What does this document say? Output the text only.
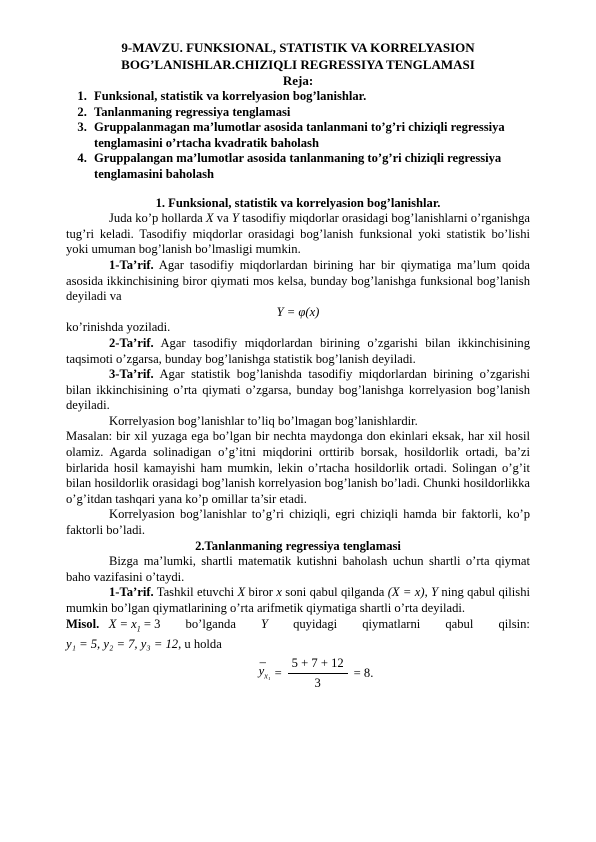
9-MAVZU. FUNKSIONAL, STATISTIK VA KORRELYASION
BOG’LANISHLAR.CHIZIQLI REGRESSIYA TENGLAMASI
Reja:
1. Funksional, statistik va korrelyasion bog’lanishlar.
2. Tanlanmaning regressiya tenglamasi
3. Gruppalanmagan ma’lumotlar asosida tanlanmani to’g’ri chiziqli regressiya tenglamasini o’rtacha kvadratik baholash
4. Gruppalangan ma’lumotlar asosida tanlanmaning to’g’ri chiziqli regressiya tenglamasini baholash
1. Funksional, statistik va korrelyasion bog’lanishlar.

Juda ko’p hollarda X va Y tasodifiy miqdorlar orasidagi bog’lanishlarni o’rganishga tug’ri keladi. Tasodifiy miqdorlar orasidagi bog’lanish funksional yoki statistik bo’lishi yoki umuman bog’lanish bo’lmasligi mumkin.

1-Ta’rif. Agar tasodifiy miqdorlardan birining har bir qiymatiga ma’lum qoida asosida ikkinchisining biror qiymati mos kelsa, bunday bog’lanishga funksional bog’lanish deyiladi va

Y = φ(x)

ko’rinishda yoziladi.

2-Ta’rif. Agar tasodifiy miqdorlardan birining o’zgarishi bilan ikkinchisining taqsimoti o’zgarsa, bunday bog’lanishga statistik bog’lanish deyiladi.

3-Ta’rif. Agar statistik bog’lanishda tasodifiy miqdorlardan birining o’zgarishi bilan ikkinchisining o’rta qiymati o’zgarsa, bunday bog’lanishga korrelyasion bog’lanish deyiladi.

Korrelyasion bog’lanishlar to’liq bo’lmagan bog’lanishlardir.

Masalan: bir xil yuzaga ega bo’lgan bir nechta maydonga don ekinlari eksak, har xil hosil olamiz. Agarda solinadigan o’g’itni miqdorini orttirib borsak, hosildorlik ortadi, ba’zi birlarida hosil kamayishi ham mumkin, lekin o’rtacha hosildorlik ortadi. Solingan o’g’it bilan hosildorlik orasidagi bog’lanish korrelyasion bog’lanish bo’ladi. Chunki hosildorlikka o’g’itdan tashqari yana ko’p omillar ta’sir etadi.

Korrelyasion bog’lanishlar to’g’ri chiziqli, egri chiziqli hamda bir faktorli, ko’p faktorli bo’ladi.

2.Tanlanmaning regressiya tenglamasi

Bizga ma’lumki, shartli matematik kutishni baholash uchun shartli o’rta qiymat baho vazifasini o’taydi.

1-Ta’rif. Tashkil etuvchi X biror x soni qabul qilganda (X = x), Y ning qabul qilishi mumkin bo’lgan qiymatlarining o’rta arifmetik qiymatiga shartli o’rta deyiladi.

Misol. $X = x_1 = 3$ bo’lganda Y quyidagi qiymatlarni qabul qilsin:

y₁ = 5, y₂ = 7, y₃ = 12, u holda

–
$y_{x_1} = \frac{5 + 7 + 12}{3} = 8$.
